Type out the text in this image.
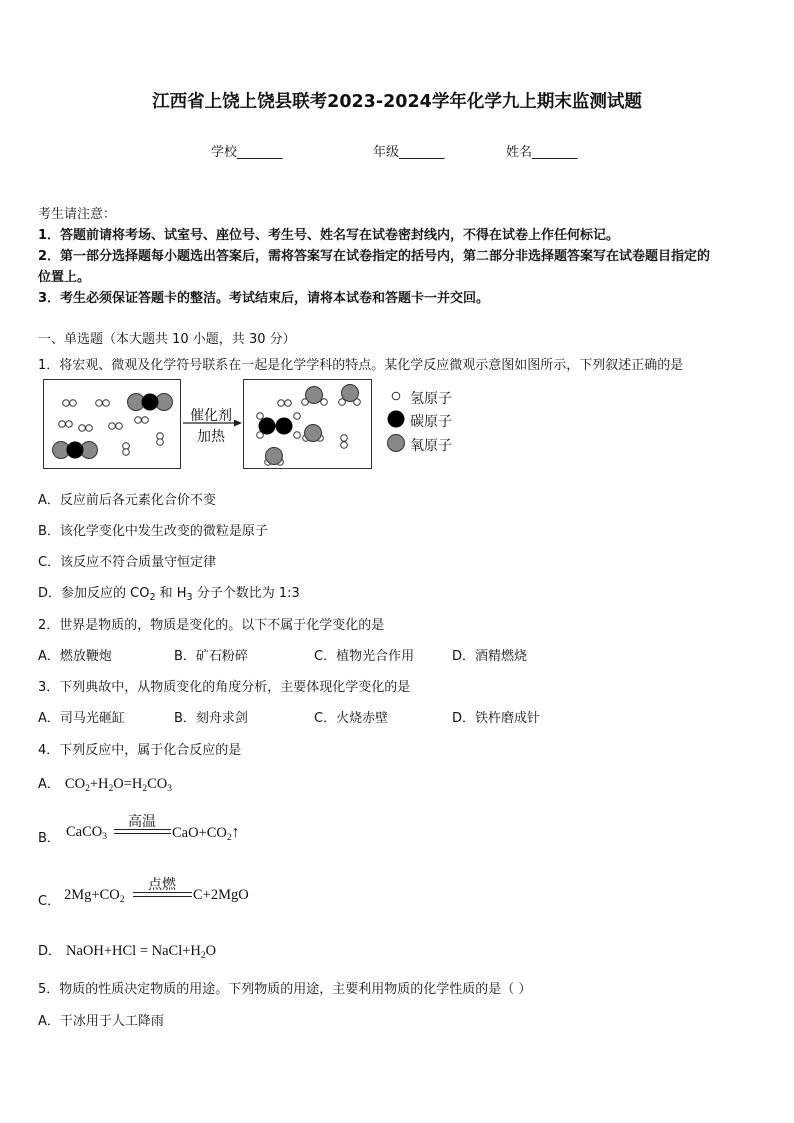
江西省上饶上饶县联考2023-2024学年化学九上期末监测试题
学校_______	年级_______	姓名_______
考生请注意：
1．答题前请将考场、试室号、座位号、考生号、姓名写在试卷密封线内，不得在试卷上作任何标记。
2．第一部分选择题每小题选出答案后，需将答案写在试卷指定的括号内，第二部分非选择题答案写在试卷题目指定的
位置上。
3．考生必须保证答题卡的整洁。考试结束后，请将本试卷和答题卡一并交回。
一、单选题（本大题共 10 小题，共 30 分）
1．将宏观、微观及化学符号联系在一起是化学学科的特点。某化学反应微观示意图如图所示，下列叙述正确的是
催化剂
加热
氢原子
碳原子
氧原子
A．反应前后各元素化合价不变
B．该化学变化中发生改变的微粒是原子
C．该反应不符合质量守恒定律
D．参加反应的 $CO_2$ 和 $H_3$ 分子个数比为 1:3
2．世界是物质的，物质是变化的。以下不属于化学变化的是
A．燃放鞭炮	B．矿石粉碎	C．植物光合作用	D．酒精燃烧
3．下列典故中，从物质变化的角度分析，主要体现化学变化的是
A．司马光砸缸	B．刻舟求剑	C．火烧赤壁	D．铁杵磨成针
4．下列反应中，属于化合反应的是
A． $CO_2+H_2O=H_2CO_3$
B． CaCO$_3$
高温
$CaO+CO_2↑$
C． $2Mg+CO_2$
点燃
C+2MgO
D． NaOH+HCl = $NaCl+H_2O$
5．物质的性质决定物质的用途。下列物质的用途，主要利用物质的化学性质的是（ ）
A．干冰用于人工降雨
